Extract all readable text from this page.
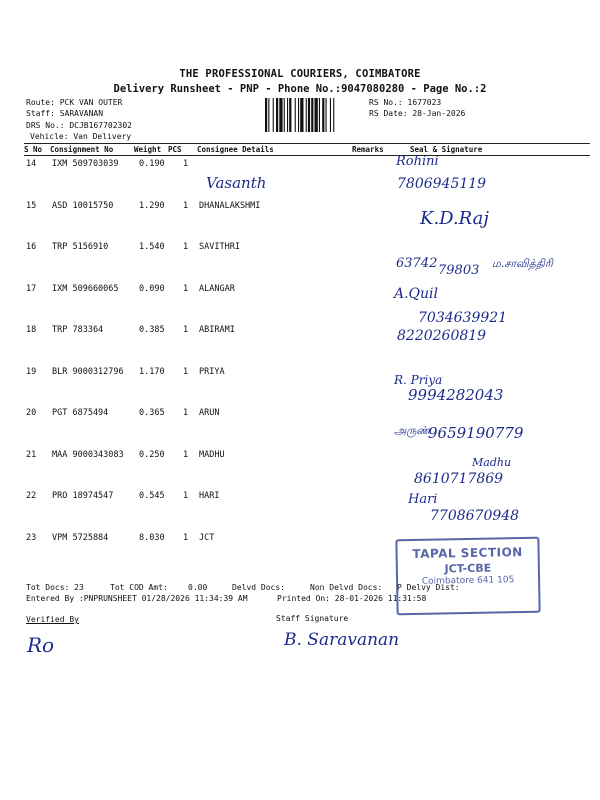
THE PROFESSIONAL COURIERS, COIMBATORE
Delivery Runsheet - PNP - Phone No.:9047080280 - Page No.:2
Route: PCK VAN OUTER
Staff: SARAVANAN
DRS No.: DCJB167702302
Vehicle: Van Delivery
RS No.: 1677023
RS Date: 28-Jan-2026
S No Consignment No	Weight PCS Consignee Details	Remarks	Seal & Signature
14 IXM 509703039 0.190 1
15 ASD 10015750	1.290 1 DHANALAKSHMI
16 TRP 5156910	1.540 1 SAVITHRI
17 IXM 509660065 0.090 1 ALANGAR
18 TRP 783364	0.385 1 ABIRAMI
19 BLR 9000312796 1.170 1 PRIYA
20 PGT 6875494	0.365 1 ARUN
21 MAA 9000343083 0.250 1 MADHU
22 PRO 18974547	0.545 1 HARI
23 VPM 5725884	8.030 1 JCT
Vasanth
Rohini
7806945119
K.D.Raj
63742 79803 ம.சாவித்திரி
A.Quil
7034639921
8220260819
R. Priya
9994282043
அருண்
9659190779
Madhu
8610717869
Hari
7708670948
TAPAL SECTION
JCT-CBE
Coimbatore 641 105
Tot Docs: 23	Tot COD Amt:	0.00	Delvd Docs:	Non Delvd Docs: P Delvy Dist:
Entered By :PNPRUNSHEET 01/28/2026 11:34:39 AM	Printed On: 28-01-2026 11:31:58
Verified By	Staff Signature
Ro	B. Saravanan
